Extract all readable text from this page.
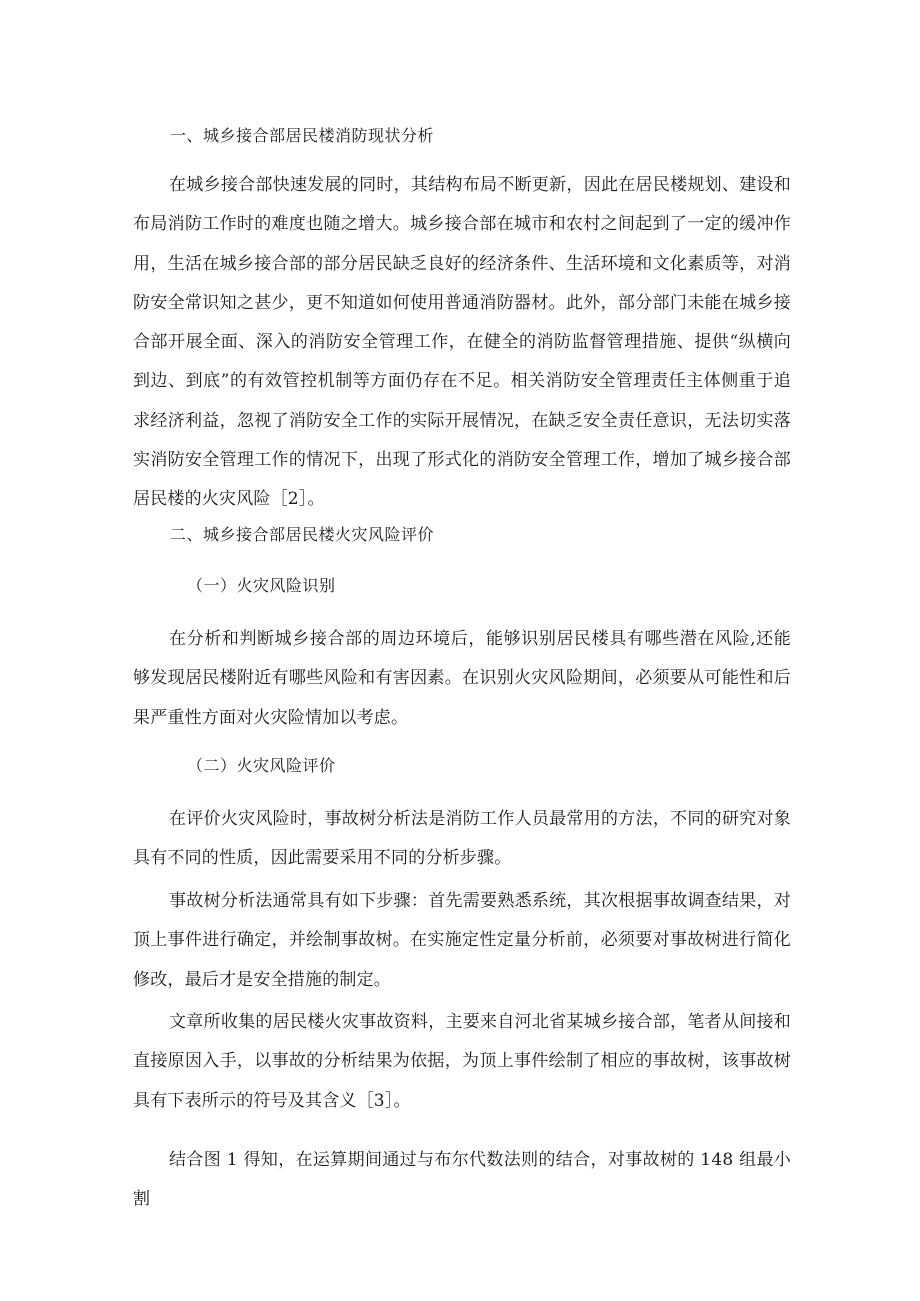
一、城乡接合部居民楼消防现状分析
在城乡接合部快速发展的同时，其结构布局不断更新，因此在居民楼规划、建设和布局消防工作时的难度也随之增大。城乡接合部在城市和农村之间起到了一定的缓冲作用，生活在城乡接合部的部分居民缺乏良好的经济条件、生活环境和文化素质等，对消防安全常识知之甚少，更不知道如何使用普通消防器材。此外，部分部门未能在城乡接合部开展全面、深入的消防安全管理工作，在健全的消防监督管理措施、提供“纵横向到边、到底”的有效管控机制等方面仍存在不足。相关消防安全管理责任主体侧重于追求经济利益，忽视了消防安全工作的实际开展情况，在缺乏安全责任意识，无法切实落实消防安全管理工作的情况下，出现了形式化的消防安全管理工作，增加了城乡接合部居民楼的火灾风险［2］。
二、城乡接合部居民楼火灾风险评价
（一）火灾风险识别
在分析和判断城乡接合部的周边环境后，能够识别居民楼具有哪些潜在风险,还能够发现居民楼附近有哪些风险和有害因素。在识别火灾风险期间，必须要从可能性和后果严重性方面对火灾险情加以考虑。
（二）火灾风险评价
在评价火灾风险时，事故树分析法是消防工作人员最常用的方法，不同的研究对象具有不同的性质，因此需要采用不同的分析步骤。
事故树分析法通常具有如下步骤：首先需要熟悉系统，其次根据事故调查结果，对顶上事件进行确定，并绘制事故树。在实施定性定量分析前，必须要对事故树进行简化修改，最后才是安全措施的制定。
文章所收集的居民楼火灾事故资料，主要来自河北省某城乡接合部，笔者从间接和直接原因入手，以事故的分析结果为依据，为顶上事件绘制了相应的事故树，该事故树具有下表所示的符号及其含义［3］。
结合图 1 得知，在运算期间通过与布尔代数法则的结合，对事故树的 148 组最小割
